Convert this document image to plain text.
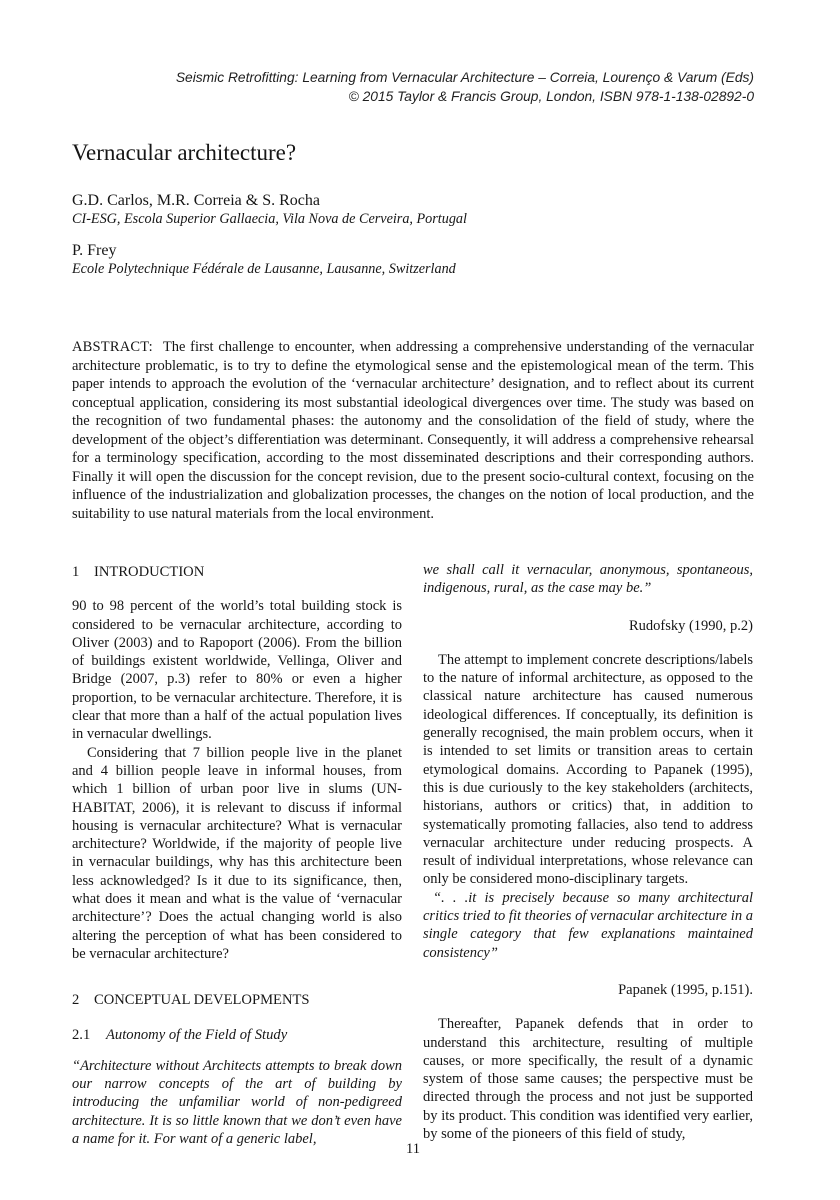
Seismic Retrofitting: Learning from Vernacular Architecture – Correia, Lourenço & Varum (Eds)
© 2015 Taylor & Francis Group, London, ISBN 978-1-138-02892-0
Vernacular architecture?
G.D. Carlos, M.R. Correia & S. Rocha
CI-ESG, Escola Superior Gallaecia, Vila Nova de Cerveira, Portugal
P. Frey
Ecole Polytechnique Fédérale de Lausanne, Lausanne, Switzerland
ABSTRACT: The first challenge to encounter, when addressing a comprehensive understanding of the vernacular architecture problematic, is to try to define the etymological sense and the epistemological mean of the term. This paper intends to approach the evolution of the ‘vernacular architecture’ designation, and to reflect about its current conceptual application, considering its most substantial ideological divergences over time. The study was based on the recognition of two fundamental phases: the autonomy and the consolidation of the field of study, where the development of the object’s differentiation was determinant. Consequently, it will address a comprehensive rehearsal for a terminology specification, according to the most disseminated descriptions and their corresponding authors. Finally it will open the discussion for the concept revision, due to the present socio-cultural context, focusing on the influence of the industrialization and globalization processes, the changes on the notion of local production, and the suitability to use natural materials from the local environment.
1 INTRODUCTION

90 to 98 percent of the world’s total building stock is considered to be vernacular architecture, according to Oliver (2003) and to Rapoport (2006). From the billion of buildings existent worldwide, Vellinga, Oliver and Bridge (2007, p.3) refer to 80% or even a higher proportion, to be vernacular architecture. Therefore, it is clear that more than a half of the actual population lives in vernacular dwellings.

Considering that 7 billion people live in the planet and 4 billion people leave in informal houses, from which 1 billion of urban poor live in slums (UN-HABITAT, 2006), it is relevant to discuss if informal housing is vernacular architecture? What is vernacular architecture? Worldwide, if the majority of people live in vernacular buildings, why has this architecture been less acknowledged? Is it due to its significance, then, what does it mean and what is the value of ‘vernacular architecture’? Does the actual changing world is also altering the perception of what has been considered to be vernacular architecture?

2 CONCEPTUAL DEVELOPMENTS
2.1 Autonomy of the Field of Study

“Architecture without Architects attempts to break down our narrow concepts of the art of building by introducing the unfamiliar world of non-pedigreed architecture. It is so little known that we don’t even have a name for it. For want of a generic label,

we shall call it vernacular, anonymous, spontaneous, indigenous, rural, as the case may be.”

Rudofsky (1990, p.2)

The attempt to implement concrete descriptions/labels to the nature of informal architecture, as opposed to the classical nature architecture has caused numerous ideological differences. If conceptually, its definition is generally recognised, the main problem occurs, when it is intended to set limits or transition areas to certain etymological domains. According to Papanek (1995), this is due curiously to the key stakeholders (architects, historians, authors or critics) that, in addition to systematically promoting fallacies, also tend to address vernacular architecture under reducing prospects. A result of individual interpretations, whose relevance can only be considered mono-disciplinary targets.

“. . .it is precisely because so many architectural critics tried to fit theories of vernacular architecture in a single category that few explanations maintained consistency”

Papanek (1995, p.151).

Thereafter, Papanek defends that in order to understand this architecture, resulting of multiple causes, or more specifically, the result of a dynamic system of those same causes; the perspective must be directed through the process and not just be supported by its product. This condition was identified very earlier, by some of the pioneers of this field of study,

11
